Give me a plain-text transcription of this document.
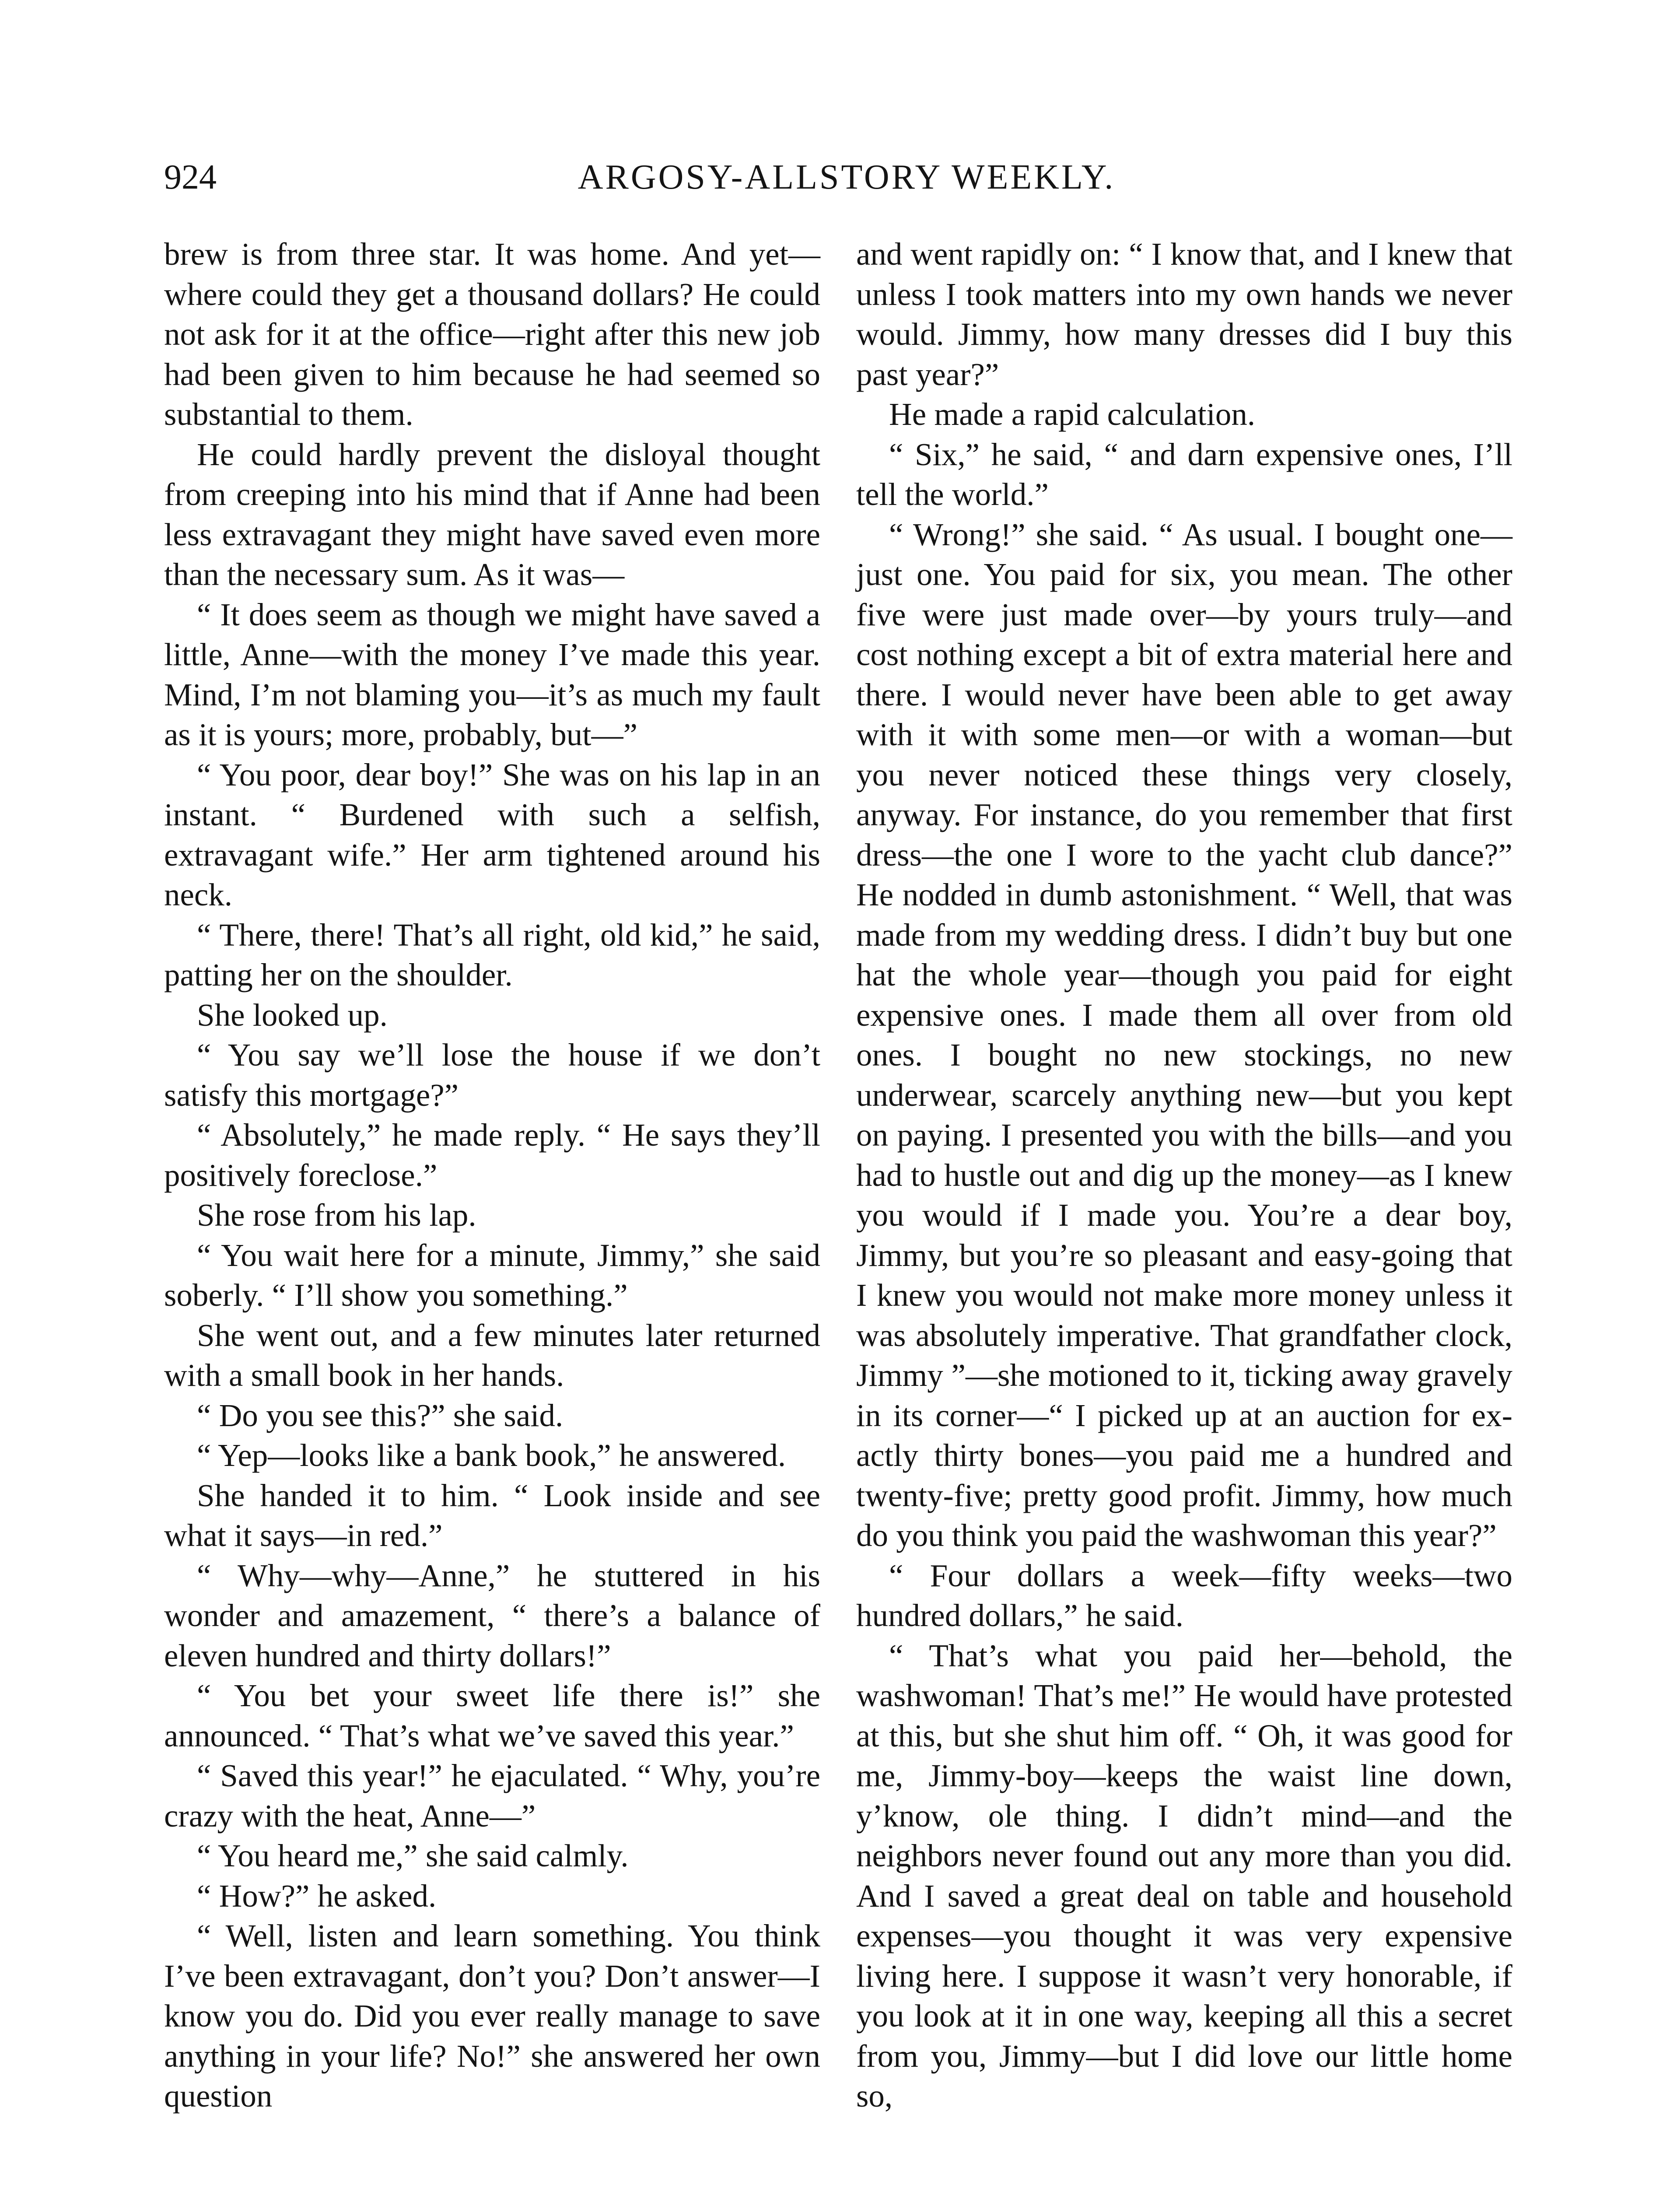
924	ARGOSY-ALLSTORY WEEKLY.

brew is from three star. It was home. And yet—where could they get a thousand dollars? He could not ask for it at the office—right after this new job had been given to him because he had seemed so substantial to them.

He could hardly prevent the disloyal thought from creeping into his mind that if Anne had been less extravagant they might have saved even more than the necessary sum. As it was—

“ It does seem as though we might have saved a little, Anne—with the money I’ve made this year. Mind, I’m not blaming you—it’s as much my fault as it is yours; more, probably, but—”

“ You poor, dear boy!” She was on his lap in an instant. “ Burdened with such a selfish, extravagant wife.” Her arm tightened around his neck.

“ There, there! That’s all right, old kid,” he said, patting her on the shoulder.

She looked up.

“ You say we’ll lose the house if we don’t satisfy this mortgage?”

“ Absolutely,” he made reply. “ He says they’ll positively foreclose.”

She rose from his lap.

“ You wait here for a minute, Jimmy,” she said soberly. “ I’ll show you something.”

She went out, and a few minutes later returned with a small book in her hands.

“ Do you see this?” she said.

“ Yep—looks like a bank book,” he answered.

She handed it to him. “ Look inside and see what it says—in red.”

“ Why—why—Anne,” he stuttered in his wonder and amazement, “ there’s a balance of eleven hundred and thirty dollars!”

“ You bet your sweet life there is!” she announced. “ That’s what we’ve saved this year.”

“ Saved this year!” he ejaculated. “ Why, you’re crazy with the heat, Anne—”

“ You heard me,” she said calmly.

“ How?” he asked.

“ Well, listen and learn something. You think I’ve been extravagant, don’t you? Don’t answer—I know you do. Did you ever really manage to save anything in your life? No!” she answered her own question

and went rapidly on: “ I know that, and I knew that unless I took matters into my own hands we never would. Jimmy, how many dresses did I buy this past year?”

He made a rapid calculation.

“ Six,” he said, “ and darn expensive ones, I’ll tell the world.”

“ Wrong!” she said. “ As usual. I bought one—just one. You paid for six, you mean. The other five were just made over—by yours truly—and cost nothing except a bit of extra material here and there. I would never have been able to get away with it with some men—or with a woman—but you never noticed these things very closely, anyway. For instance, do you remember that first dress—the one I wore to the yacht club dance?” He nodded in dumb astonishment. “ Well, that was made from my wedding dress. I didn’t buy but one hat the whole year—though you paid for eight expensive ones. I made them all over from old ones. I bought no new stockings, no new underwear, scarcely anything new—but you kept on paying. I presented you with the bills—and you had to hustle out and dig up the money—as I knew you would if I made you. You’re a dear boy, Jimmy, but you’re so pleasant and easy-going that I knew you would not make more money unless it was absolutely imperative. That grandfather clock, Jimmy ”—she motioned to it, ticking away gravely in its corner—“ I picked up at an auction for exactly thirty bones—you paid me a hundred and twenty-five; pretty good profit. Jimmy, how much do you think you paid the washwoman this year?”

“ Four dollars a week—fifty weeks—two hundred dollars,” he said.

“ That’s what you paid her—behold, the washwoman! That’s me!” He would have protested at this, but she shut him off. “ Oh, it was good for me, Jimmy-boy—keeps the waist line down, y’know, ole thing. I didn’t mind—and the neighbors never found out any more than you did. And I saved a great deal on table and household expenses—you thought it was very expensive living here. I suppose it wasn’t very honorable, if you look at it in one way, keeping all this a secret from you, Jimmy—but I did love our little home so,
